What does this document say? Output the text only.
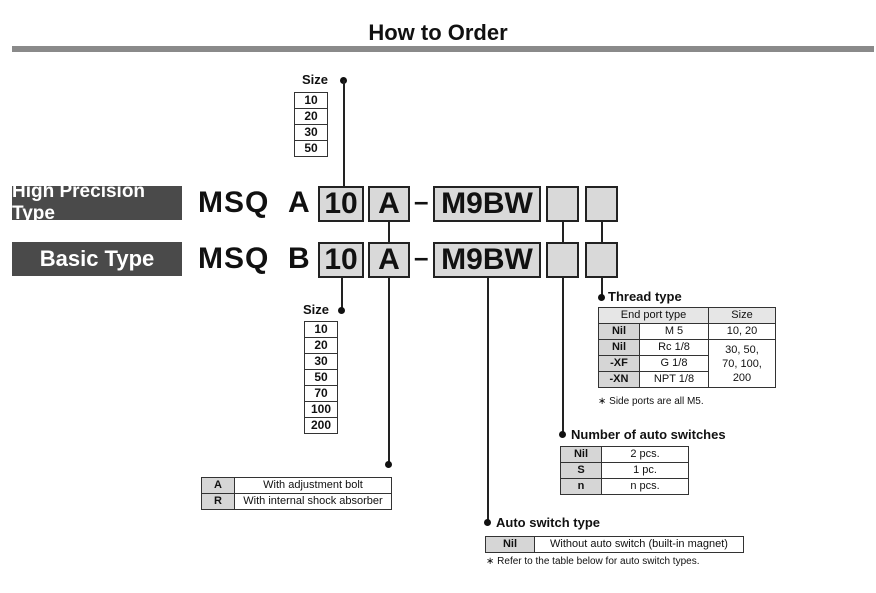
How to Order
Size
10
20
30
50
High Precision Type	MSQ A 10 A – M9BW
Basic Type	MSQ B 10 A – M9BW
Size
10
20
30
50
70
100
200
A	With adjustment bolt
R	With internal shock absorber
Thread type
End port type		Size
Nil	M 5	10, 20
Nil	Rc 1/8	30, 50,
70, 100,
200

-XF	G 1/8	
-XN	NPT 1/8	
∗ Side ports are all M5.
Number of auto switches
Nil	2 pcs.
S	1 pc.
n	n pcs.
Auto switch type
Nil	Without auto switch (built-in magnet)
∗ Refer to the table below for auto switch types.
